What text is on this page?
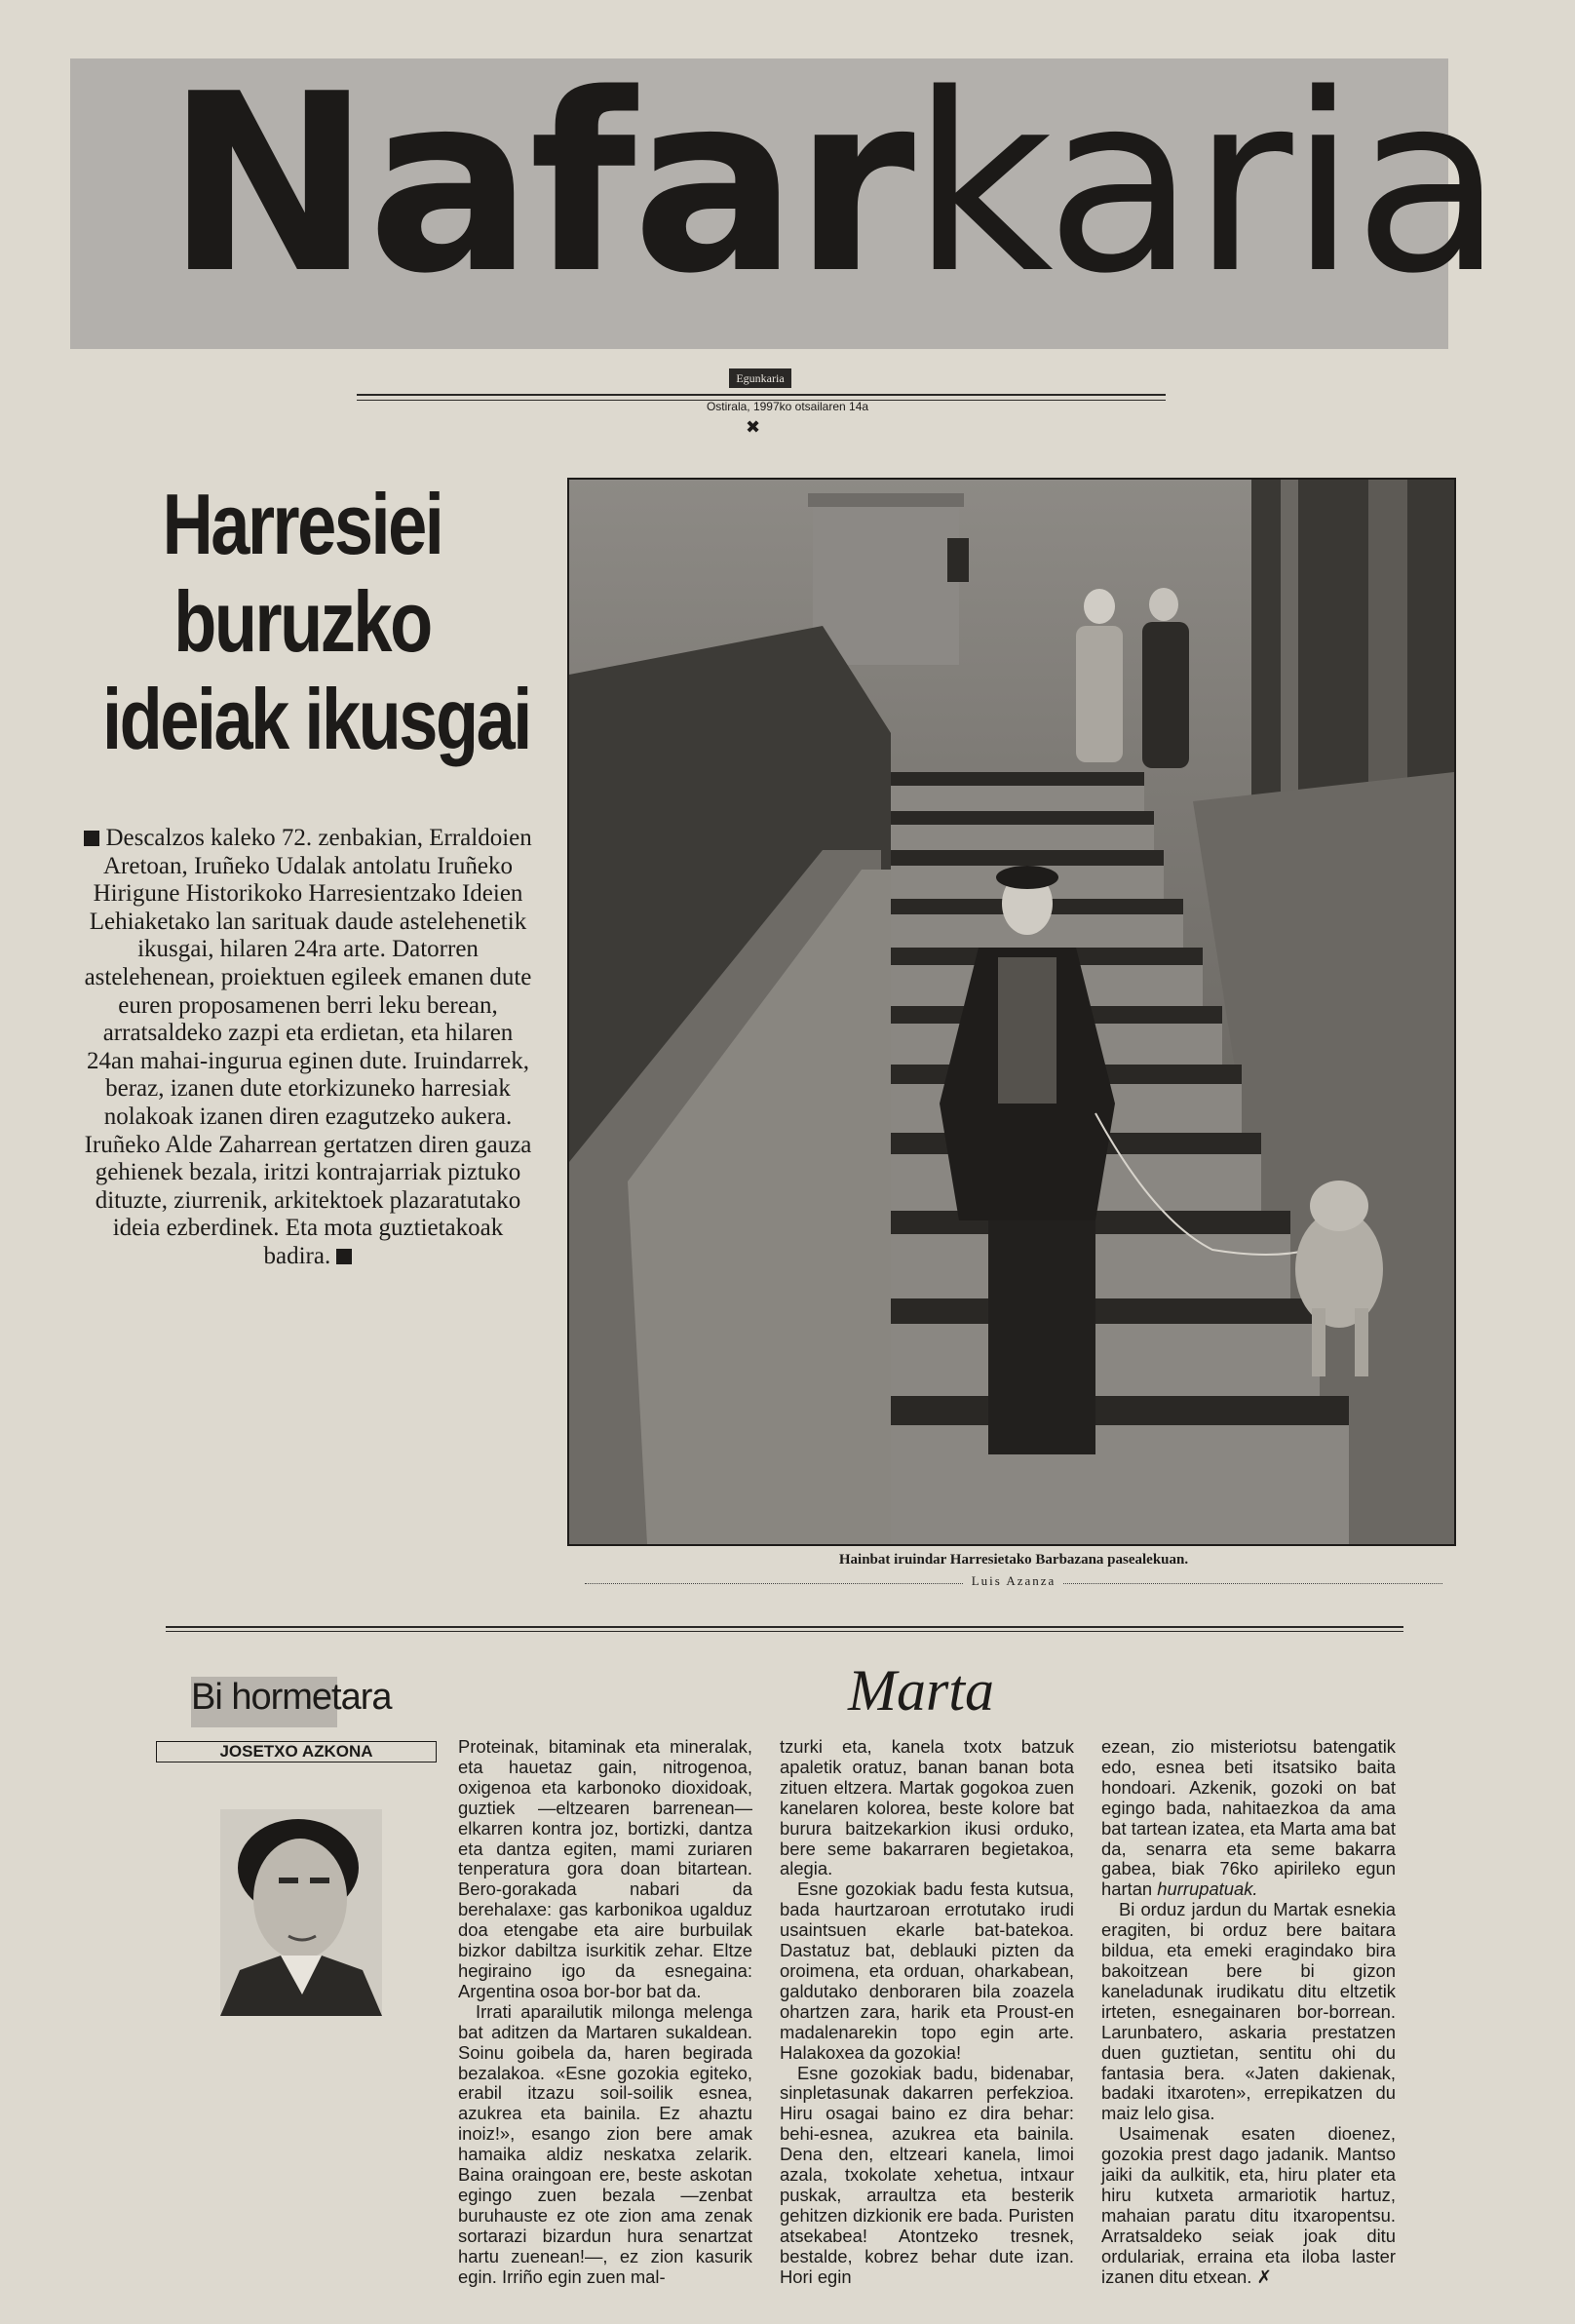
Nafarkaria
Egunkaria
Ostirala, 1997ko otsailaren 14a
✖
Harresiei
buruzko
ideiak ikusgai
Descalzos kaleko 72. zenbakian, Erraldoien Aretoan, Iruñeko Udalak antolatu Iruñeko Hirigune Historikoko Harresientzako Ideien Lehiaketako lan sarituak daude astelehenetik ikusgai, hilaren 24ra arte. Datorren astelehenean, proiektuen egileek emanen dute euren proposamenen berri leku berean, arratsaldeko zazpi eta erdietan, eta hilaren 24an mahai-ingurua eginen dute. Iruindarrek, beraz, izanen dute etorkizuneko harresiak nolakoak izanen diren ezagutzeko aukera. Iruñeko Alde Zaharrean gertatzen diren gauza gehienek bezala, iritzi kontrajarriak piztuko dituzte, ziurrenik, arkitektoek plazaratutako ideia ezberdinek. Eta mota guztietakoak badira.
Hainbat iruindar Harresietako Barbazana pasealekuan.
Luis Azanza
Bi hormetara
JOSETXO AZKONA
Marta

Proteinak, bitaminak eta mineralak, eta hauetaz gain, nitrogenoa, oxigenoa eta karbonoko dioxidoak, guztiek —eltzearen barrenean— elkarren kontra joz, bortizki, dantza eta dantza egiten, mami zuriaren tenperatura gora doan bitartean. Bero-gorakada nabari da berehalaxe: gas karbonikoa ugalduz doa etengabe eta aire burbuilak bizkor dabiltza isurkitik zehar. Eltze hegiraino igo da esnegaina: Argentina osoa bor-bor bat da.

Irrati aparailutik milonga melenga bat aditzen da Martaren sukaldean. Soinu goibela da, haren begirada bezalakoa. «Esne gozokia egiteko, erabil itzazu soil-soilik esnea, azukrea eta bainila. Ez ahaztu inoiz!», esango zion bere amak hamaika aldiz neskatxa zelarik. Baina oraingoan ere, beste askotan egingo zuen bezala —zenbat buruhauste ez ote zion ama zenak sortarazi bizardun hura senartzat hartu zuenean!—, ez zion kasurik egin. Irriño egin zuen mal-

tzurki eta, kanela txotx batzuk apaletik oratuz, banan banan bota zituen eltzera. Martak gogokoa zuen kanelaren kolorea, beste kolore bat burura baitzekarkion ikusi orduko, bere seme bakarraren begietakoa, alegia.

Esne gozokiak badu festa kutsua, bada haurtzaroan errotutako irudi usaintsuen ekarle bat-batekoa. Dastatuz bat, deblauki pizten da oroimena, eta orduan, oharkabean, galdutako denboraren bila zoazela ohartzen zara, harik eta Proust-en madalenarekin topo egin arte. Halakoxea da gozokia!

Esne gozokiak badu, bidenabar, sinpletasunak dakarren perfekzioa. Hiru osagai baino ez dira behar: behi-esnea, azukrea eta bainila. Dena den, eltzeari kanela, limoi azala, txokolate xehetua, intxaur puskak, arraultza eta besterik gehitzen dizkionik ere bada. Puristen atsekabea! Atontzeko tresnek, bestalde, kobrez behar dute izan. Hori egin

ezean, zio misteriotsu batengatik edo, esnea beti itsatsiko baita hondoari. Azkenik, gozoki on bat egingo bada, nahitaezkoa da ama bat tartean izatea, eta Marta ama bat da, senarra eta seme bakarra gabea, biak 76ko apirileko egun hartan hurrupatuak.

Bi orduz jardun du Martak esnekia eragiten, bi orduz bere baitara bildua, eta emeki eragindako bira bakoitzean bere bi gizon kaneladunak irudikatu ditu eltzetik irteten, esnegainaren bor-borrean. Larunbatero, askaria prestatzen duen guztietan, sentitu ohi du fantasia bera. «Jaten dakienak, badaki itxaroten», errepikatzen du maiz lelo gisa.

Usaimenak esaten dioenez, gozokia prest dago jadanik. Mantso jaiki da aulkitik, eta, hiru plater eta hiru kutxeta armariotik hartuz, mahaian paratu ditu itxaropentsu. Arratsaldeko seiak joak ditu ordulariak, erraina eta iloba laster izanen ditu etxean. ✗
